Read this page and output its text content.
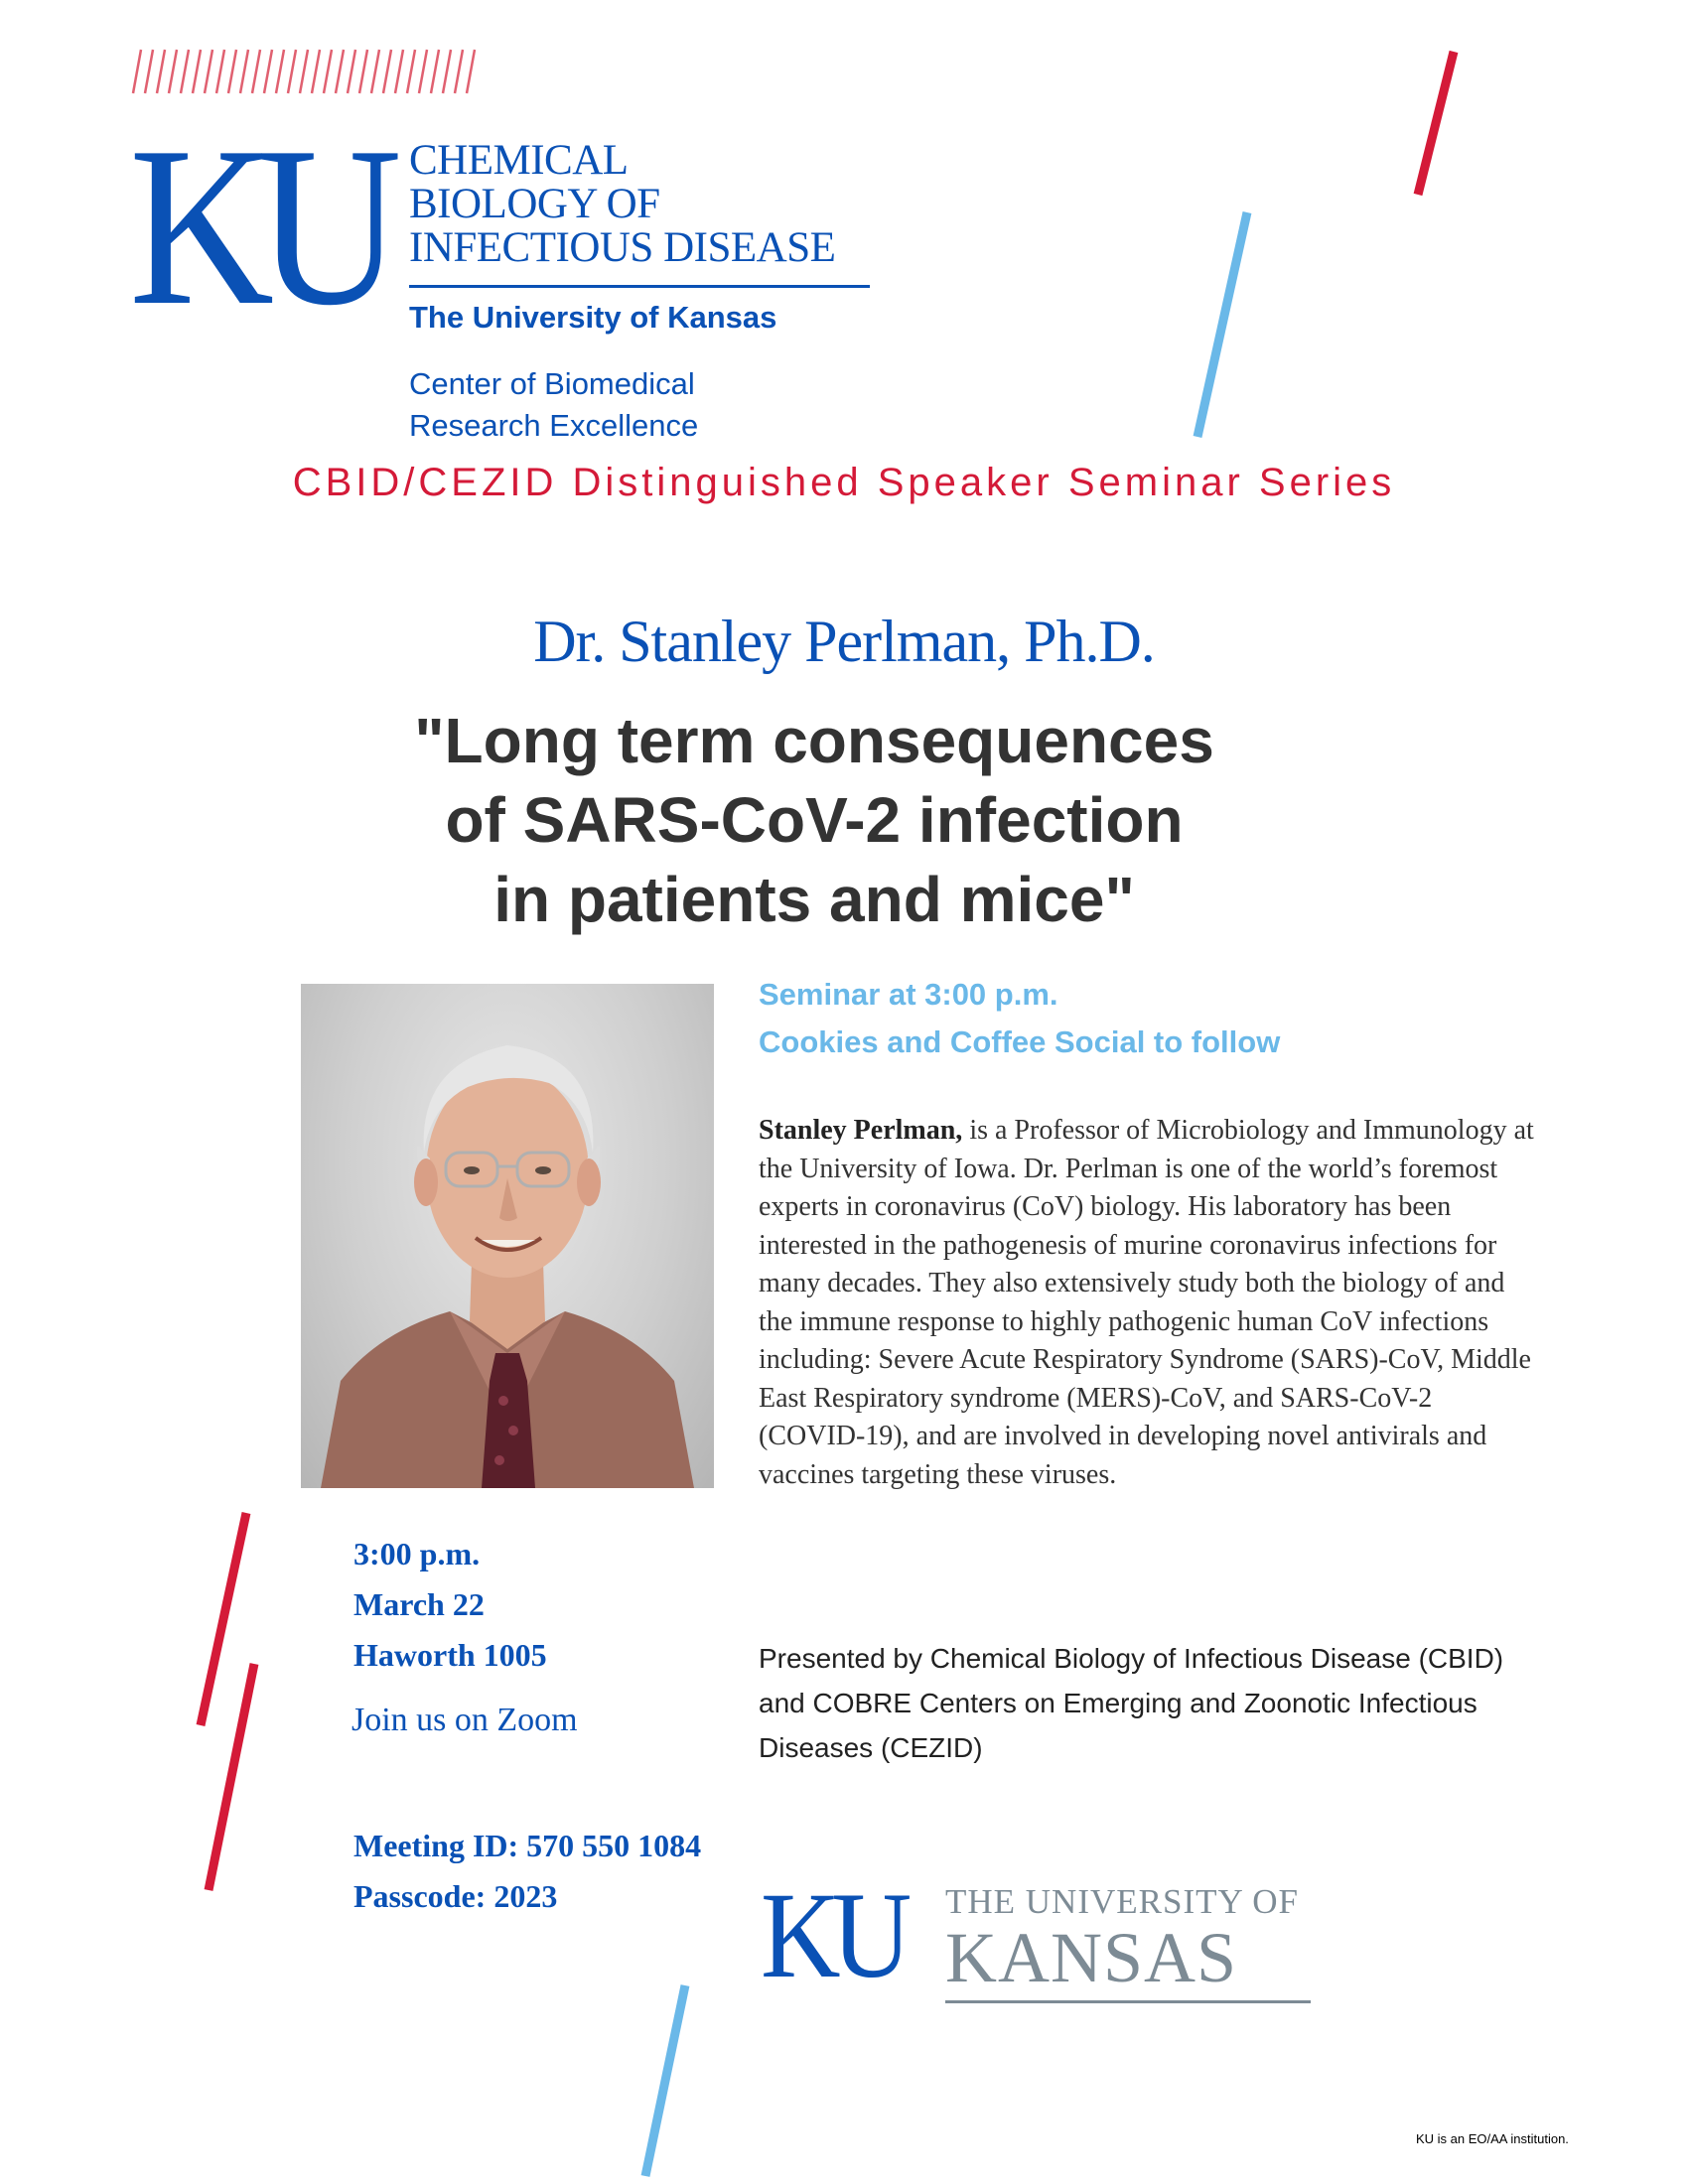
KU CHEMICAL
BIOLOGY OF
INFECTIOUS DISEASE
The University of Kansas
Center of Biomedical
Research Excellence
CBID/CEZID Distinguished Speaker Seminar Series
Dr. Stanley Perlman, Ph.D.
"Long term consequences
of SARS-CoV-2 infection
in patients and mice"
Seminar at 3:00 p.m.
Cookies and Coffee Social to follow
Stanley Perlman, is a Professor of Microbiology and Immunology at the University of Iowa. Dr. Perlman is one of the world’s foremost experts in coronavirus (CoV) biology. His laboratory has been interested in the pathogenesis of murine coronavirus infections for many decades. They also extensively study both the biology of and the immune response to highly pathogenic human CoV infections including: Severe Acute Respiratory Syndrome (SARS)-CoV, Middle East Respiratory syndrome (MERS)-CoV, and SARS-CoV-2 (COVID-19), and are involved in developing novel antivirals and vaccines targeting these viruses.
Presented by Chemical Biology of Infectious Disease (CBID) and COBRE Centers on Emerging and Zoonotic Infectious Diseases (CEZID)
3:00 p.m.
March 22
Haworth 1005
Join us on Zoom
Meeting ID: 570 550 1084
Passcode: 2023	KU THE UNIVERSITY OF
KANSAS
KU is an EO/AA institution.
